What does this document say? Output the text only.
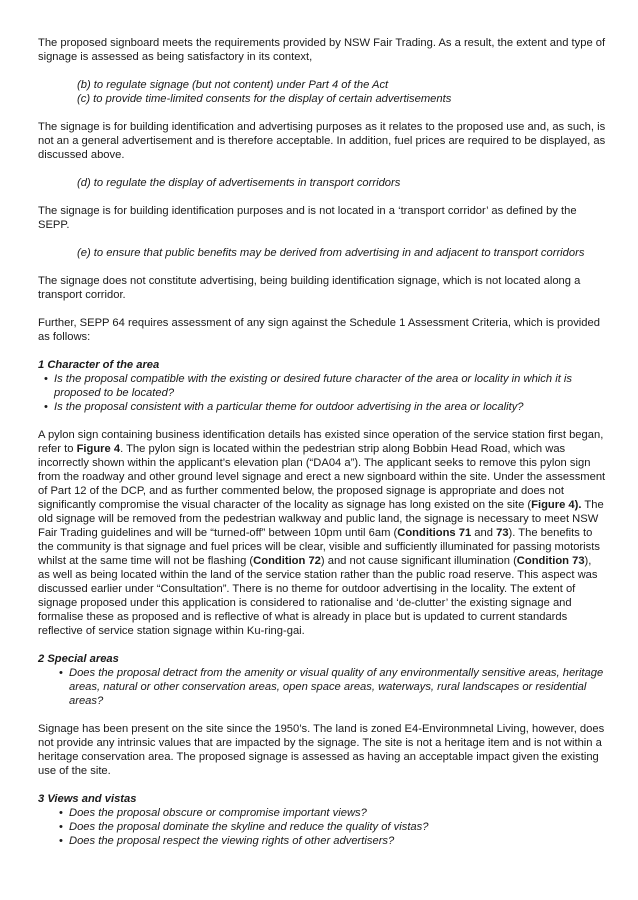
The proposed signboard meets the requirements provided by NSW Fair Trading. As a result, the extent and type of signage is assessed as being satisfactory in its context,

(b) to regulate signage (but not content) under Part 4 of the Act

(c) to provide time-limited consents for the display of certain advertisements

The signage is for building identification and advertising purposes as it relates to the proposed use and, as such, is not an a general advertisement and is therefore acceptable. In addition, fuel prices are required to be displayed, as discussed above.

(d) to regulate the display of advertisements in transport corridors

The signage is for building identification purposes and is not located in a ‘transport corridor’ as defined by the SEPP.

(e) to ensure that public benefits may be derived from advertising in and adjacent to transport corridors

The signage does not constitute advertising, being building identification signage, which is not located along a transport corridor.

Further, SEPP 64 requires assessment of any sign against the Schedule 1 Assessment Criteria, which is provided as follows:

1 Character of the area

• Is the proposal compatible with the existing or desired future character of the area or locality in which it is proposed to be located?
• Is the proposal consistent with a particular theme for outdoor advertising in the area or locality?

A pylon sign containing business identification details has existed since operation of the service station first began, refer to Figure 4. The pylon sign is located within the pedestrian strip along Bobbin Head Road, which was incorrectly shown within the applicant’s elevation plan (“DA04 a”). The applicant seeks to remove this pylon sign from the roadway and other ground level signage and erect a new signboard within the site. Under the assessment of Part 12 of the DCP, and as further commented below, the proposed signage is appropriate and does not significantly compromise the visual character of the locality as signage has long existed on the site (Figure 4). The old signage will be removed from the pedestrian walkway and public land, the signage is necessary to meet NSW Fair Trading guidelines and will be “turned-off” between 10pm until 6am (Conditions 71 and 73). The benefits to the community is that signage and fuel prices will be clear, visible and sufficiently illuminated for passing motorists whilst at the same time will not be flashing (Condition 72) and not cause significant illumination (Condition 73), as well as being located within the land of the service station rather than the public road reserve. This aspect was discussed earlier under “Consultation”. There is no theme for outdoor advertising in the locality. The extent of signage proposed under this application is considered to rationalise and ‘de-clutter’ the existing signage and formalise these as proposed and is reflective of what is already in place but is updated to current standards reflective of service station signage within Ku-ring-gai.

2 Special areas

• Does the proposal detract from the amenity or visual quality of any environmentally sensitive areas, heritage areas, natural or other conservation areas, open space areas, waterways, rural landscapes or residential areas?

Signage has been present on the site since the 1950’s. The land is zoned E4-Environmnetal Living, however, does not provide any intrinsic values that are impacted by the signage. The site is not a heritage item and is not within a heritage conservation area. The proposed signage is assessed as having an acceptable impact given the existing use of the site.

3 Views and vistas

• Does the proposal obscure or compromise important views?
• Does the proposal dominate the skyline and reduce the quality of vistas?
• Does the proposal respect the viewing rights of other advertisers?
